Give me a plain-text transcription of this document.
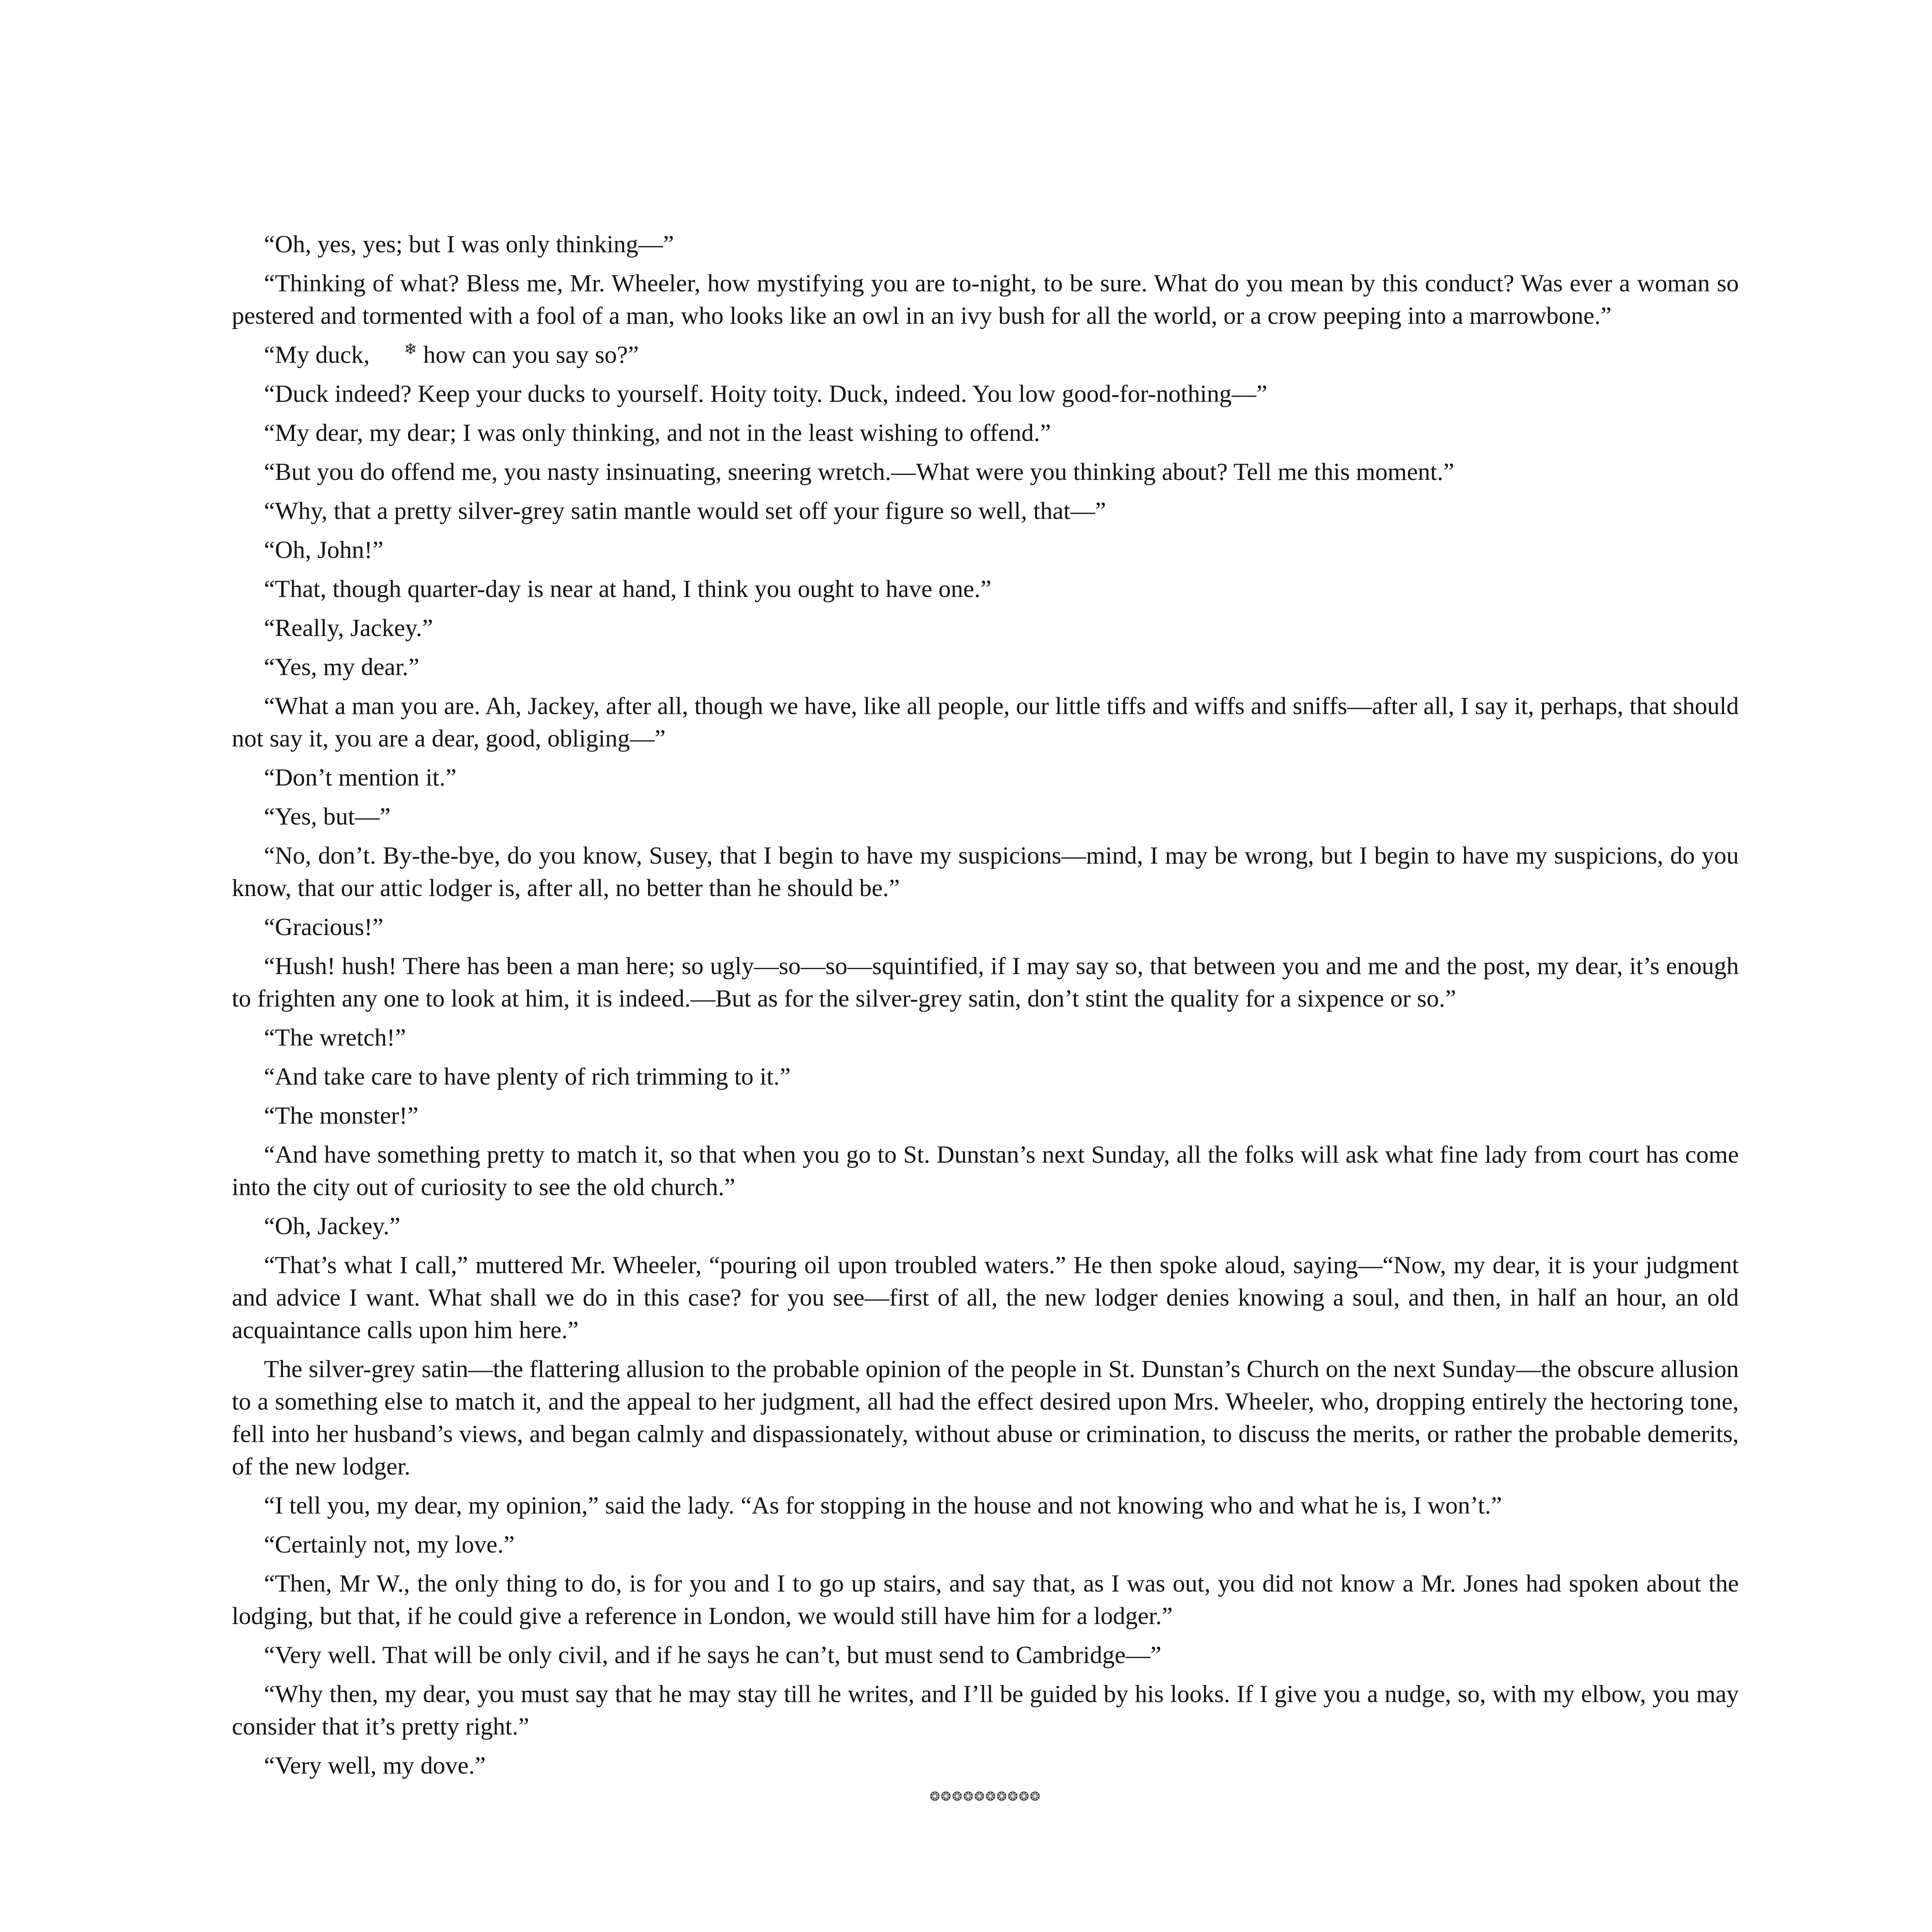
“Oh, yes, yes; but I was only thinking—”

“Thinking of what? Bless me, Mr. Wheeler, how mystifying you are to-night, to be sure. What do you mean by this conduct? Was ever a woman so pestered and tormented with a fool of a man, who looks like an owl in an ivy bush for all the world, or a crow peeping into a marrowbone.”

“My duck, ❄ how can you say so?”

“Duck indeed? Keep your ducks to yourself. Hoity toity. Duck, indeed. You low good-for-nothing—”

“My dear, my dear; I was only thinking, and not in the least wishing to offend.”

“But you do offend me, you nasty insinuating, sneering wretch.—What were you thinking about? Tell me this moment.”

“Why, that a pretty silver-grey satin mantle would set off your figure so well, that—”

“Oh, John!”

“That, though quarter-day is near at hand, I think you ought to have one.”

“Really, Jackey.”

“Yes, my dear.”

“What a man you are. Ah, Jackey, after all, though we have, like all people, our little tiffs and wiffs and sniffs—after all, I say it, perhaps, that should not say it, you are a dear, good, obliging—”

“Don’t mention it.”

“Yes, but—”

“No, don’t. By-the-bye, do you know, Susey, that I begin to have my suspicions—mind, I may be wrong, but I begin to have my suspicions, do you know, that our attic lodger is, after all, no better than he should be.”

“Gracious!”

“Hush! hush! There has been a man here; so ugly—so—so—squintified, if I may say so, that between you and me and the post, my dear, it’s enough to frighten any one to look at him, it is indeed.—But as for the silver-grey satin, don’t stint the quality for a sixpence or so.”

“The wretch!”

“And take care to have plenty of rich trimming to it.”

“The monster!”

“And have something pretty to match it, so that when you go to St. Dunstan’s next Sunday, all the folks will ask what fine lady from court has come into the city out of curiosity to see the old church.”

“Oh, Jackey.”

“That’s what I call,” muttered Mr. Wheeler, “pouring oil upon troubled waters.” He then spoke aloud, saying—“Now, my dear, it is your judgment and advice I want. What shall we do in this case? for you see—first of all, the new lodger denies knowing a soul, and then, in half an hour, an old acquaintance calls upon him here.”

The silver-grey satin—the flattering allusion to the probable opinion of the people in St. Dunstan’s Church on the next Sunday—the obscure allusion to a something else to match it, and the appeal to her judgment, all had the effect desired upon Mrs. Wheeler, who, dropping entirely the hectoring tone, fell into her husband’s views, and began calmly and dispassionately, without abuse or crimination, to discuss the merits, or rather the probable demerits, of the new lodger.

“I tell you, my dear, my opinion,” said the lady. “As for stopping in the house and not knowing who and what he is, I won’t.”

“Certainly not, my love.”

“Then, Mr W., the only thing to do, is for you and I to go up stairs, and say that, as I was out, you did not know a Mr. Jones had spoken about the lodging, but that, if he could give a reference in London, we would still have him for a lodger.”

“Very well. That will be only civil, and if he says he can’t, but must send to Cambridge—”

“Why then, my dear, you must say that he may stay till he writes, and I’ll be guided by his looks. If I give you a nudge, so, with my elbow, you may consider that it’s pretty right.”

“Very well, my dove.”

❂❂❂❂❂❂❂❂❂❂
